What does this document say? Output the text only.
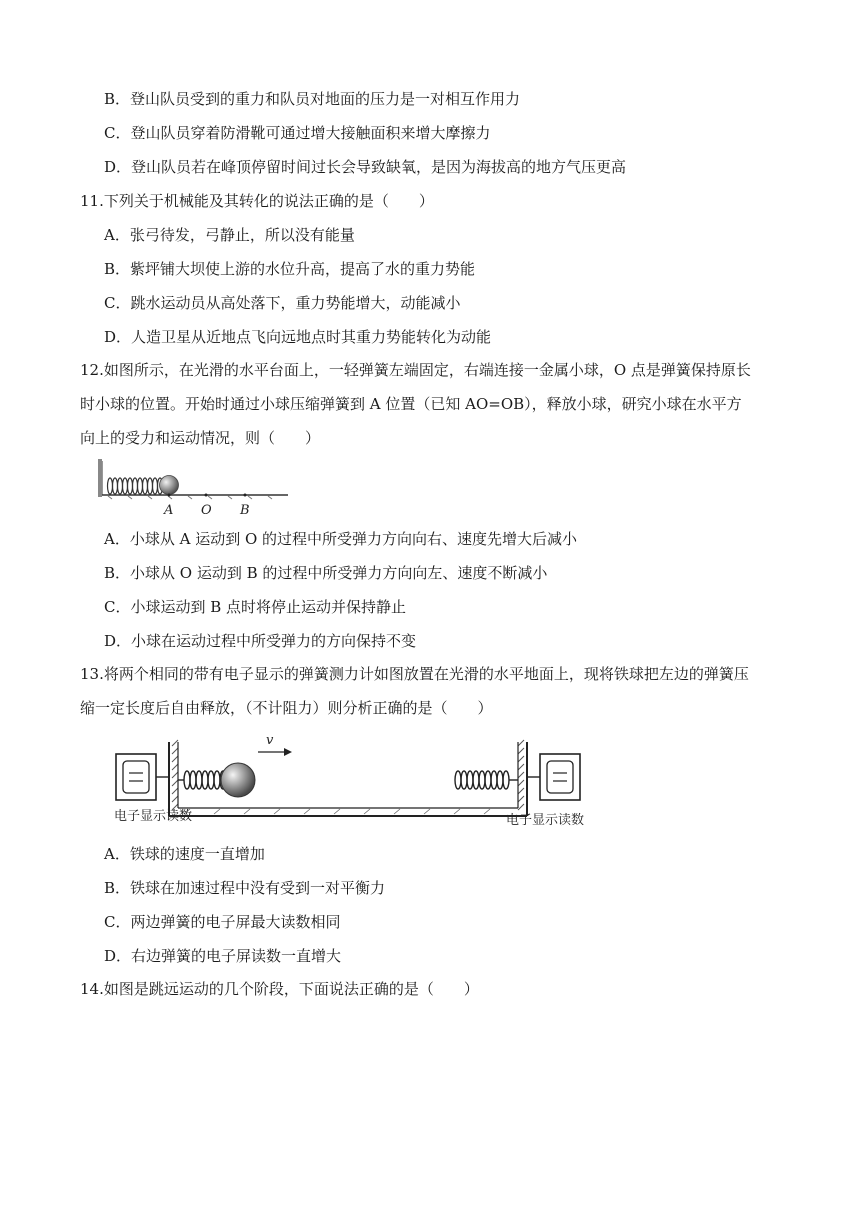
B．登山队员受到的重力和队员对地面的压力是一对相互作用力
C．登山队员穿着防滑靴可通过增大接触面积来增大摩擦力
D．登山队员若在峰顶停留时间过长会导致缺氧，是因为海拔高的地方气压更高
11.下列关于机械能及其转化的说法正确的是（　　）
A．张弓待发，弓静止，所以没有能量
B．紫坪铺大坝使上游的水位升高，提高了水的重力势能
C．跳水运动员从高处落下，重力势能增大，动能减小
D．人造卫星从近地点飞向远地点时其重力势能转化为动能
12.如图所示，在光滑的水平台面上，一轻弹簧左端固定，右端连接一金属小球，O 点是弹簧保持原长
时小球的位置。开始时通过小球压缩弹簧到 A 位置（已知 AO=OB），释放小球，研究小球在水平方
向上的受力和运动情况，则（　　）
A O B
A．小球从 A 运动到 O 的过程中所受弹力方向向右、速度先增大后减小
B．小球从 O 运动到 B 的过程中所受弹力方向向左、速度不断减小
C．小球运动到 B 点时将停止运动并保持静止
D．小球在运动过程中所受弹力的方向保持不变
13.将两个相同的带有电子显示的弹簧测力计如图放置在光滑的水平地面上，现将铁球把左边的弹簧压
缩一定长度后自由释放，（不计阻力）则分析正确的是（　　）
v
电子显示读数	电子显示读数
A．铁球的速度一直增加
B．铁球在加速过程中没有受到一对平衡力
C．两边弹簧的电子屏最大读数相同
D．右边弹簧的电子屏读数一直增大
14.如图是跳远运动的几个阶段，下面说法正确的是（　　）
